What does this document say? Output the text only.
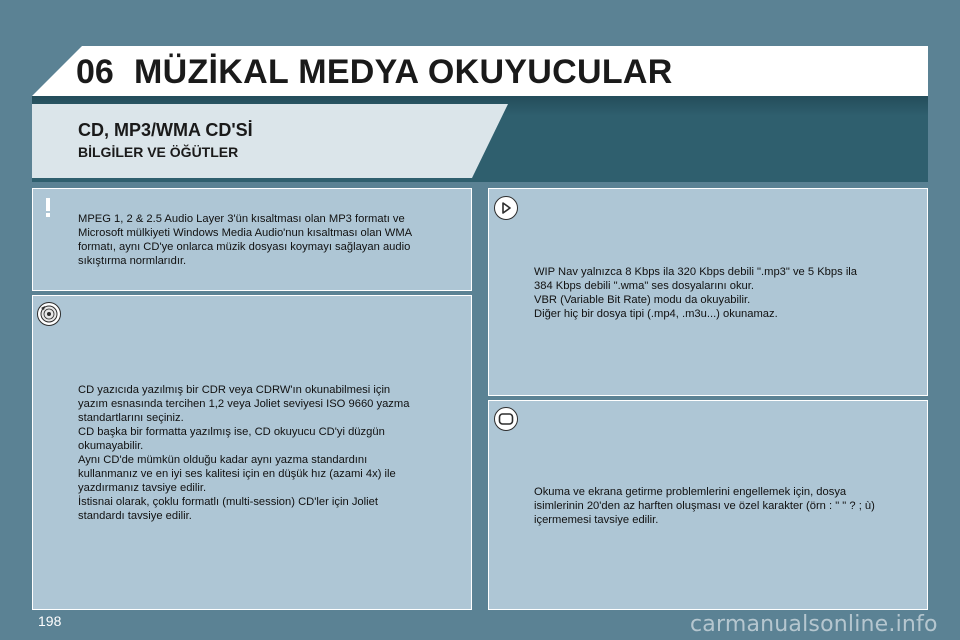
06 MÜZİKAL MEDYA OKUYUCULAR
CD, MP3/WMA CD'Sİ
BİLGİLER VE ÖĞÜTLER
MPEG 1, 2 & 2.5 Audio Layer 3'ün kısaltması olan MP3 formatı ve
Microsoft mülkiyeti Windows Media Audio'nun kısaltması olan WMA
formatı, aynı CD'ye onlarca müzik dosyası koymayı sağlayan audio
sıkıştırma normlarıdır.
CD yazıcıda yazılmış bir CDR veya CDRW'ın okunabilmesi için
yazım esnasında tercihen 1,2 veya Joliet seviyesi ISO 9660 yazma
standartlarını seçiniz.
CD başka bir formatta yazılmış ise, CD okuyucu CD'yi düzgün
okumayabilir.
Aynı CD'de mümkün olduğu kadar aynı yazma standardını
kullanmanız ve en iyi ses kalitesi için en düşük hız (azami 4x) ile
yazdırmanız tavsiye edilir.
İstisnai olarak, çoklu formatlı (multi-session) CD'ler için Joliet
standardı tavsiye edilir.
WIP Nav yalnızca 8 Kbps ila 320 Kbps debili ".mp3" ve 5 Kbps ila
384 Kbps debili ".wma" ses dosyalarını okur.
VBR (Variable Bit Rate) modu da okuyabilir.
Diğer hiç bir dosya tipi (.mp4, .m3u...) okunamaz.
Okuma ve ekrana getirme problemlerini engellemek için, dosya
isimlerinin 20'den az harften oluşması ve özel karakter (örn : " " ? ; ù)
içermemesi tavsiye edilir.
198	carmanualsonline.info
